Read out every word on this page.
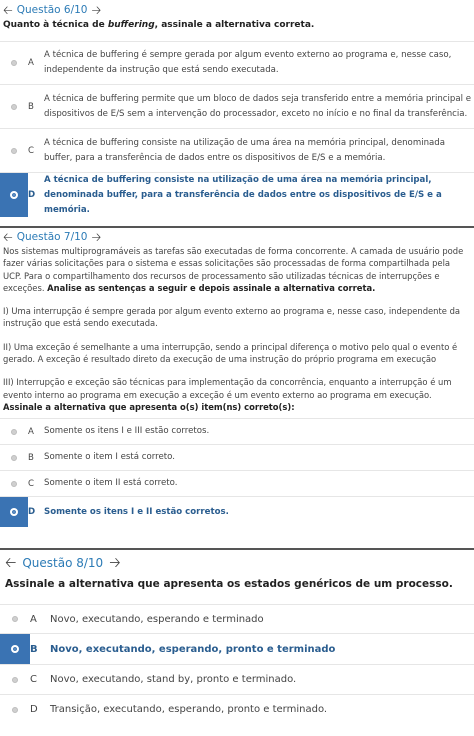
🡠 Questão 6/10 🡢
Quanto à técnica de buffering, assinale a alternativa correta.
A
A técnica de buffering é sempre gerada por algum evento externo ao programa e, nesse caso, independente da instrução que está sendo executada.
B
A técnica de buffering permite que um bloco de dados seja transferido entre a memória principal e dispositivos de E/S sem a intervenção do processador, exceto no início e no final da transferência.
C
A técnica de buffering consiste na utilização de uma área na memória principal, denominada buffer, para a transferência de dados entre os dispositivos de E/S e a memória.
D
A técnica de buffering consiste na utilização de uma área na memória principal, denominada buffer, para a transferência de dados entre os dispositivos de E/S e a memória.
🡠 Questão 7/10 🡢
Nos sistemas multiprogramáveis as tarefas são executadas de forma concorrente. A camada de usuário pode fazer várias solicitações para o sistema e essas solicitações são processadas de forma compartilhada pela UCP. Para o compartilhamento dos recursos de processamento são utilizadas técnicas de interrupções e exceções. Analise as sentenças a seguir e depois assinale a alternativa correta.
I) Uma interrupção é sempre gerada por algum evento externo ao programa e, nesse caso, independente da instrução que está sendo executada.
II) Uma exceção é semelhante a uma interrupção, sendo a principal diferença o motivo pelo qual o evento é gerado. A exceção é resultado direto da execução de uma instrução do próprio programa em execução
III) Interrupção e exceção são técnicas para implementação da concorrência, enquanto a interrupção é um evento interno ao programa em execução a exceção é um evento externo ao programa em execução.
Assinale a alternativa que apresenta o(s) item(ns) correto(s):
A	Somente os itens I e III estão corretos.
B	Somente o item I está correto.
C	Somente o item II está correto.
D	Somente os itens I e II estão corretos.
🡠 Questão 8/10 🡢
Assinale a alternativa que apresenta os estados genéricos de um processo.
A	Novo, executando, esperando e terminado
B	Novo, executando, esperando, pronto e terminado
C	Novo, executando, stand by, pronto e terminado.
D	Transição, executando, esperando, pronto e terminado.
